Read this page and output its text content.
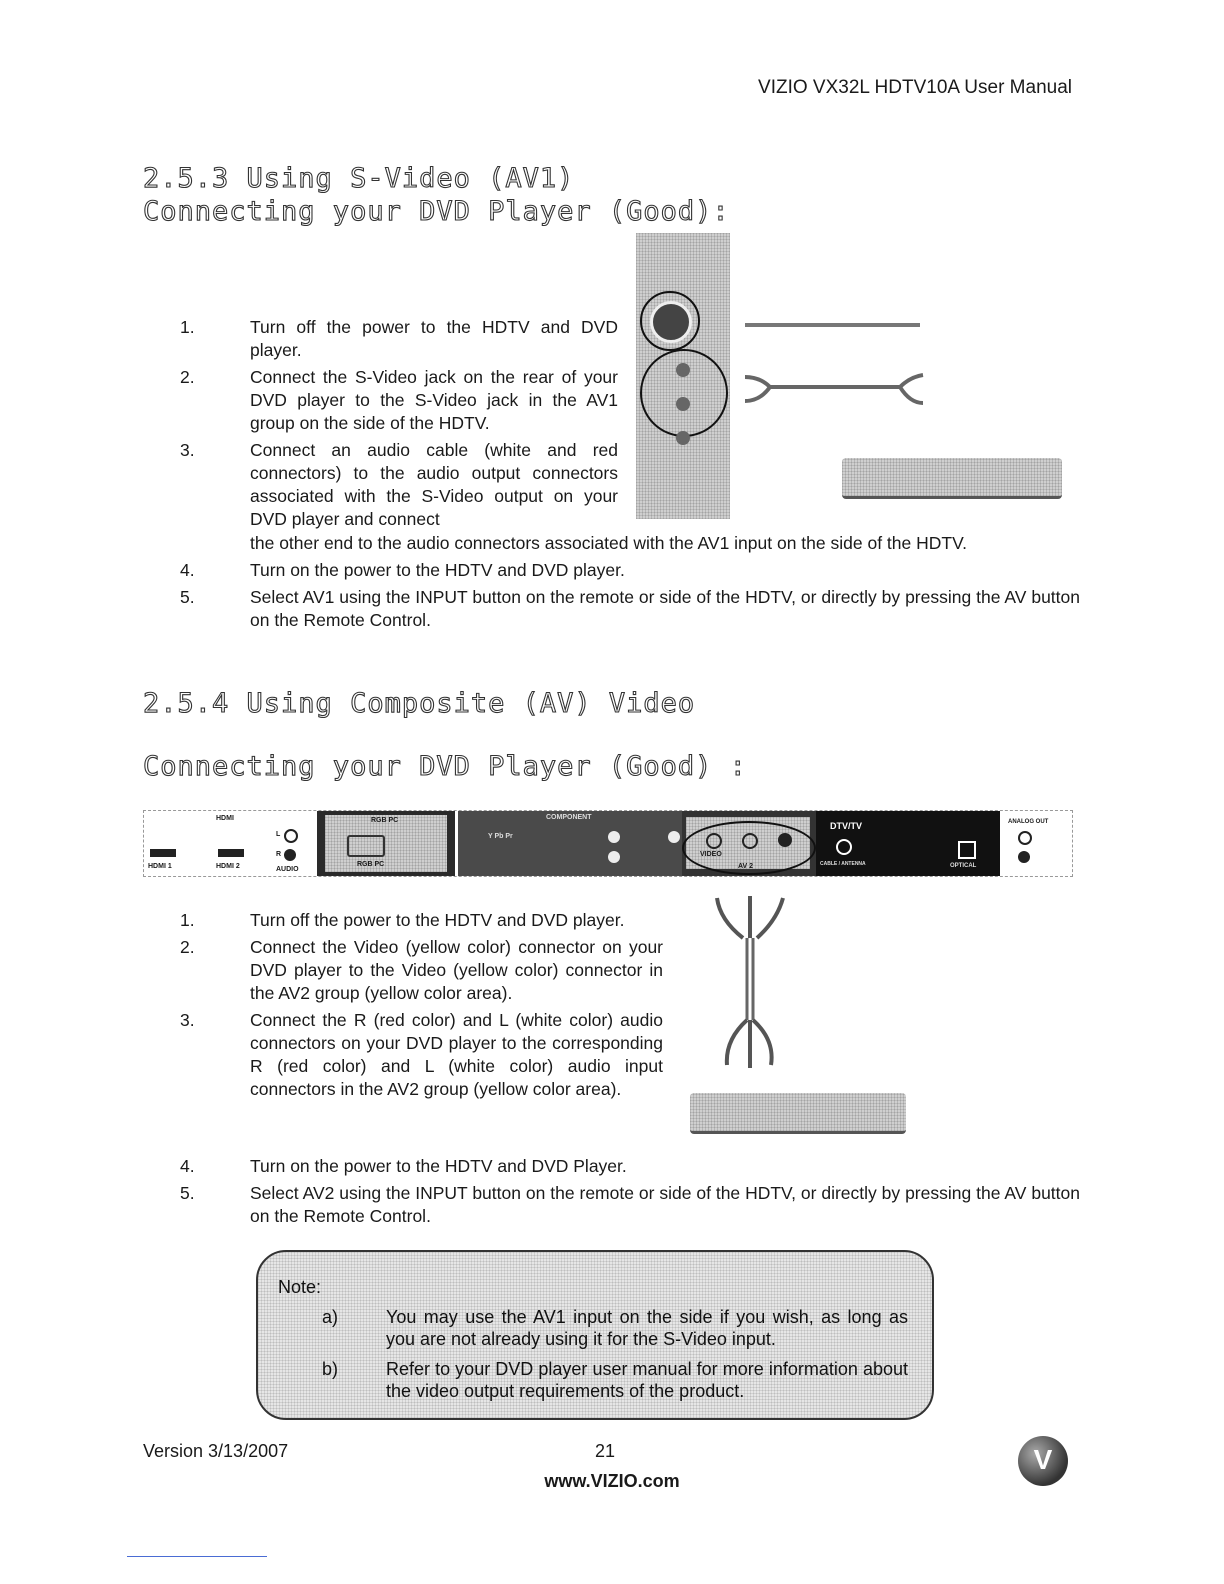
VIZIO VX32L HDTV10A User Manual
2.5.3 Using S-Video (AV1)
Connecting your DVD Player (Good):
1.	Turn off the power to the HDTV and DVD player.
2.	Connect the S-Video jack on the rear of your DVD player to the S-Video jack in the AV1 group on the side of the HDTV.
3.	Connect an audio cable (white and red connectors) to the audio output connectors associated with the S-Video output on your DVD player and connect
the other end to the audio connectors associated with the AV1 input on the side of the HDTV.
4.	Turn on the power to the HDTV and DVD player.
5.	Select AV1 using the INPUT button on the remote or side of the HDTV, or directly by pressing the AV button on the Remote Control.
2.5.4 Using Composite (AV) Video
Connecting your DVD Player (Good) :
HDMI
HDMI 1	HDMI 2
L
R
AUDIO
RGB PC
RGB PC
COMPONENT
Y Pb Pr
VIDEO
AV 2
DTV/TV
CABLE / ANTENNA	OPTICAL
ANALOG OUT
1.	Turn off the power to the HDTV and DVD player.
2.	Connect the Video (yellow color) connector on your DVD player to the Video (yellow color) connector in the AV2 group (yellow color area).
3.	Connect the R (red color) and L (white color) audio connectors on your DVD player to the corresponding R (red color) and L (white color) audio input connectors in the AV2 group (yellow color area).
4.	Turn on the power to the HDTV and DVD Player.
5.	Select AV2 using the INPUT button on the remote or side of the HDTV, or directly by pressing the AV button on the Remote Control.
Note:
a)	You may use the AV1 input on the side if you wish, as long as you are not already using it for the S-Video input.
b)	Refer to your DVD player user manual for more information about the video output requirements of the product.
Version 3/13/2007	21
www.VIZIO.com
V
